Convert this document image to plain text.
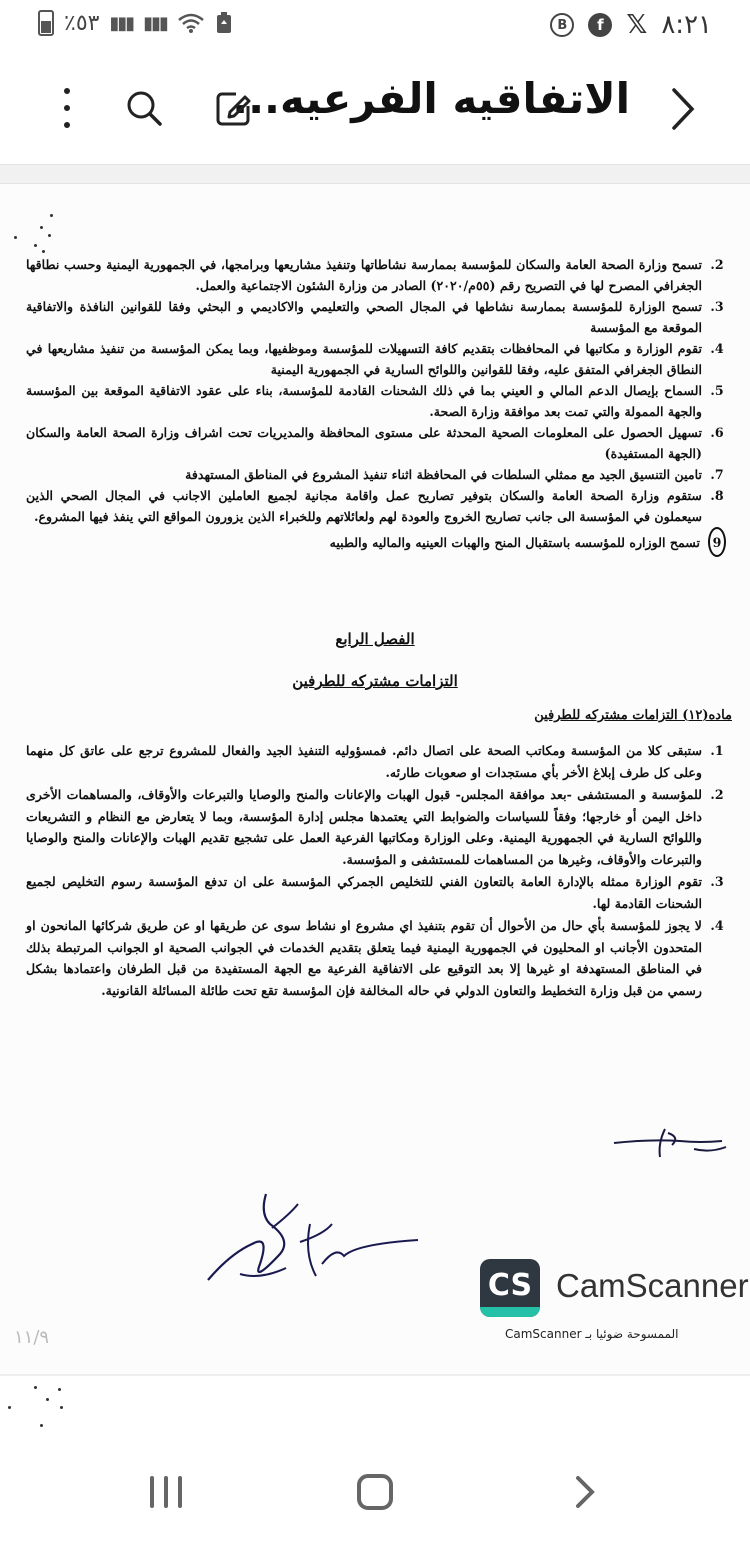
٪٥٣ ▮▮▮ ▮▮▮	B	f 𝕏 ٨:٢١
الاتفاقيه الفرعيه...
2.
تسمح وزارة الصحة العامة والسكان للمؤسسة بممارسة نشاطاتها وتنفيذ مشاريعها وبرامجها، في الجمهورية اليمنية وحسب نطاقها الجغرافي المصرح لها في التصريح رقم (٥٥م/٢٠٢٠) الصادر من وزارة الشئون الاجتماعية والعمل.
3.
تسمح الوزارة للمؤسسة بممارسة نشاطها في المجال الصحي والتعليمي والاكاديمي و البحثي وفقا للقوانين النافذة والاتفاقية الموقعة مع المؤسسة
4.
تقوم الوزارة و مكاتبها في المحافظات بتقديم كافة التسهيلات للمؤسسة وموظفيها، وبما يمكن المؤسسة من تنفيذ مشاريعها في النطاق الجغرافي المتفق عليه، وفقا للقوانين واللوائح السارية في الجمهورية اليمنية
5.
السماح بإيصال الدعم المالي و العيني بما في ذلك الشحنات القادمة للمؤسسة، بناء على عقود الاتفاقية الموقعة بين المؤسسة والجهة الممولة والتي تمت بعد موافقة وزارة الصحة.
6.
تسهيل الحصول على المعلومات الصحية المحدثة على مستوى المحافظة والمديريات تحت اشراف وزارة الصحة العامة والسكان (الجهة المستفيدة)
7.
تامين التنسيق الجيد مع ممثلي السلطات في المحافظة اثناء تنفيذ المشروع في المناطق المستهدفة
8.
ستقوم وزارة الصحة العامة والسكان بتوفير تصاريح عمل واقامة مجانية لجميع العاملين الاجانب في المجال الصحي الذين سيعملون في المؤسسة الى جانب تصاريح الخروج والعودة لهم ولعائلاتهم وللخبراء الذين يزورون المواقع التي ينفذ فيها المشروع.
9
تسمح الوزاره للمؤسسه باستقبال المنح والهبات العينيه والماليه والطبيه
الفصل الرابع
التزامات مشتركه للطرفين
ماده(١٢) التزامات مشتركه للطرفين
1.
ستبقى كلا من المؤسسة ومكاتب الصحة على اتصال دائم. فمسؤوليه التنفيذ الجيد والفعال للمشروع ترجع على عاتق كل منهما وعلى كل طرف إبلاغ الأخر بأي مستجدات او صعوبات طارئه.
2.
للمؤسسة و المستشفى -بعد موافقة المجلس- قبول الهبات والإعانات والمنح والوصايا والتبرعات والأوقاف، والمساهمات الأخرى داخل اليمن أو خارجها؛ وفقاً للسياسات والضوابط التي يعتمدها مجلس إدارة المؤسسة، وبما لا يتعارض مع النظام و التشريعات واللوائح السارية في الجمهورية اليمنية. وعلى الوزارة ومكاتبها الفرعية العمل على تشجيع تقديم الهبات والإعانات والمنح والوصايا والتبرعات والأوقاف، وغيرها من المساهمات للمستشفى و المؤسسة.
3.
تقوم الوزارة ممثله بالإدارة العامة بالتعاون الفني للتخليص الجمركي المؤسسة على ان تدفع المؤسسة رسوم التخليص لجميع الشحنات القادمة لها.
4.
لا يجوز للمؤسسة بأي حال من الأحوال أن تقوم بتنفيذ اي مشروع او نشاط سوى عن طريقها او عن طريق شركائها المانحون او المتحدون الأجانب او المحليون في الجمهورية اليمنية فيما يتعلق بتقديم الخدمات في الجوانب الصحية او الجوانب المرتبطة بذلك في المناطق المستهدفة او غيرها إلا بعد التوقيع على الاتفاقية الفرعية مع الجهة المستفيدة من قبل الطرفان واعتمادها بشكل رسمي من قبل وزارة التخطيط والتعاون الدولي في حاله المخالفة فإن المؤسسة تقع تحت طائلة المسائلة القانونية.
CS CamScanner
الممسوحة ضوئيا بـ CamScanner
١١/٩
